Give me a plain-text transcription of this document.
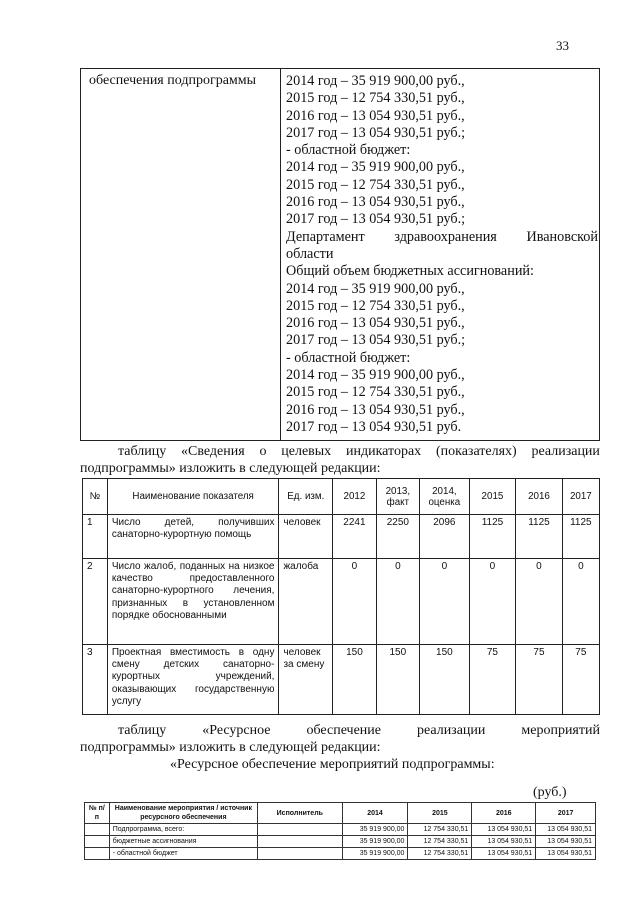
33
обеспечения подпрограммы 2014 год – 35 919 900,00 руб.,
2015 год – 12 754 330,51 руб.,
2016 год – 13 054 930,51 руб.,
2017 год – 13 054 930,51 руб.;
- областной бюджет:
2014 год – 35 919 900,00 руб.,
2015 год – 12 754 330,51 руб.,
2016 год – 13 054 930,51 руб.,
2017 год – 13 054 930,51 руб.;
Департамент здравоохранения Ивановской
области
Общий объем бюджетных ассигнований:
2014 год – 35 919 900,00 руб.,
2015 год – 12 754 330,51 руб.,
2016 год – 13 054 930,51 руб.,
2017 год – 13 054 930,51 руб.;
- областной бюджет:
2014 год – 35 919 900,00 руб.,
2015 год – 12 754 330,51 руб.,
2016 год – 13 054 930,51 руб.,
2017 год – 13 054 930,51 руб.
таблицу «Сведения о целевых индикаторах (показателях) реализации
подпрограммы» изложить в следующей редакции:
№	Наименование показателя	Ед. изм.	2012	2013, факт	2014, оценка	2015	2016	2017
1	Число детей, получивших санаторно-курортную помощь	человек	2241	2250	2096	1125	1125	1125
2	Число жалоб, поданных на низкое качество предоставленного санаторно-курортного лечения, признанных в установленном порядке обоснованными	жалоба	0	0	0	0	0	0
3	Проектная вместимость в одну смену детских санаторно-курортных учреждений, оказывающих государственную услугу	человек за смену	150	150	150	75	75	75
таблицу	«Ресурсное	обеспечение	реализации	мероприятий
подпрограммы» изложить в следующей редакции:
«Ресурсное обеспечение мероприятий подпрограммы:
(руб.)
№ п/п	Наименование мероприятия / источник ресурсного обеспечения	Исполнитель	2014	2015	2016	2017
	Подпрограмма, всего:		35 919 900,00	12 754 330,51	13 054 930,51	13 054 930,51
	бюджетные ассигнования		35 919 900,00	12 754 330,51	13 054 930,51	13 054 930,51
	- областной бюджет		35 919 900,00	12 754 330,51	13 054 930,51	13 054 930,51
